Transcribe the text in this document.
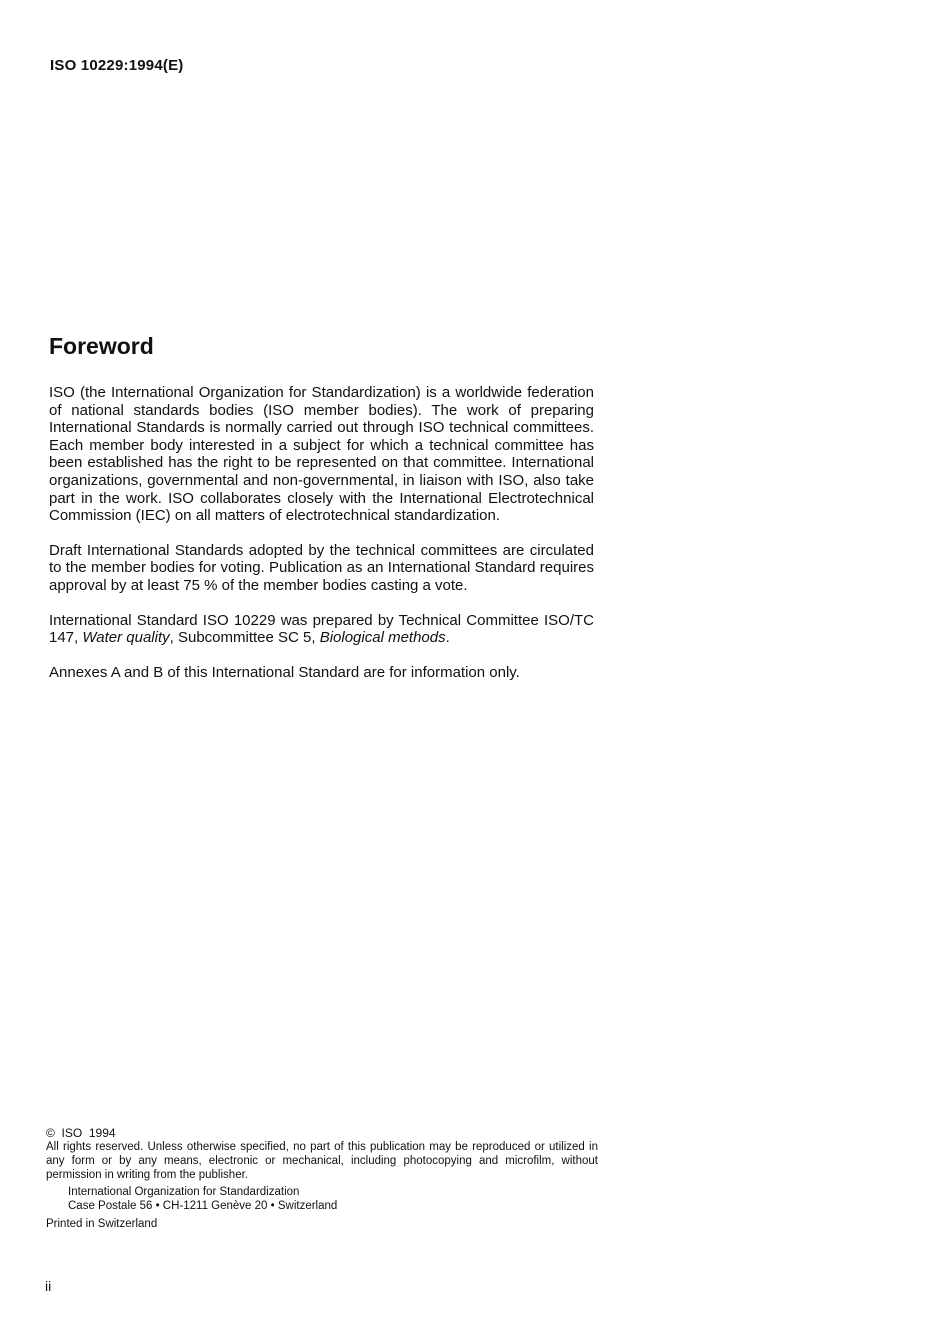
ISO 10229:1994(E)
Foreword

ISO (the International Organization for Standardization) is a worldwide federation of national standards bodies (ISO member bodies). The work of preparing International Standards is normally carried out through ISO technical committees. Each member body interested in a subject for which a technical committee has been established has the right to be represented on that committee. International organizations, governmental and non-governmental, in liaison with ISO, also take part in the work. ISO collaborates closely with the International Electrotechnical Commission (IEC) on all matters of electrotechnical standardization.

Draft International Standards adopted by the technical committees are circulated to the member bodies for voting. Publication as an International Standard requires approval by at least 75 % of the member bodies casting a vote.

International Standard ISO 10229 was prepared by Technical Committee ISO/TC 147, Water quality, Subcommittee SC 5, Biological methods.

Annexes A and B of this International Standard are for information only.

© ISO  1994
All rights reserved. Unless otherwise specified, no part of this publication may be reproduced or utilized in any form or by any means, electronic or mechanical, including photocopying and microfilm, without permission in writing from the publisher.
International Organization for Standardization
Case Postale 56 • CH-1211 Genève 20 • Switzerland
Printed in Switzerland
ii
